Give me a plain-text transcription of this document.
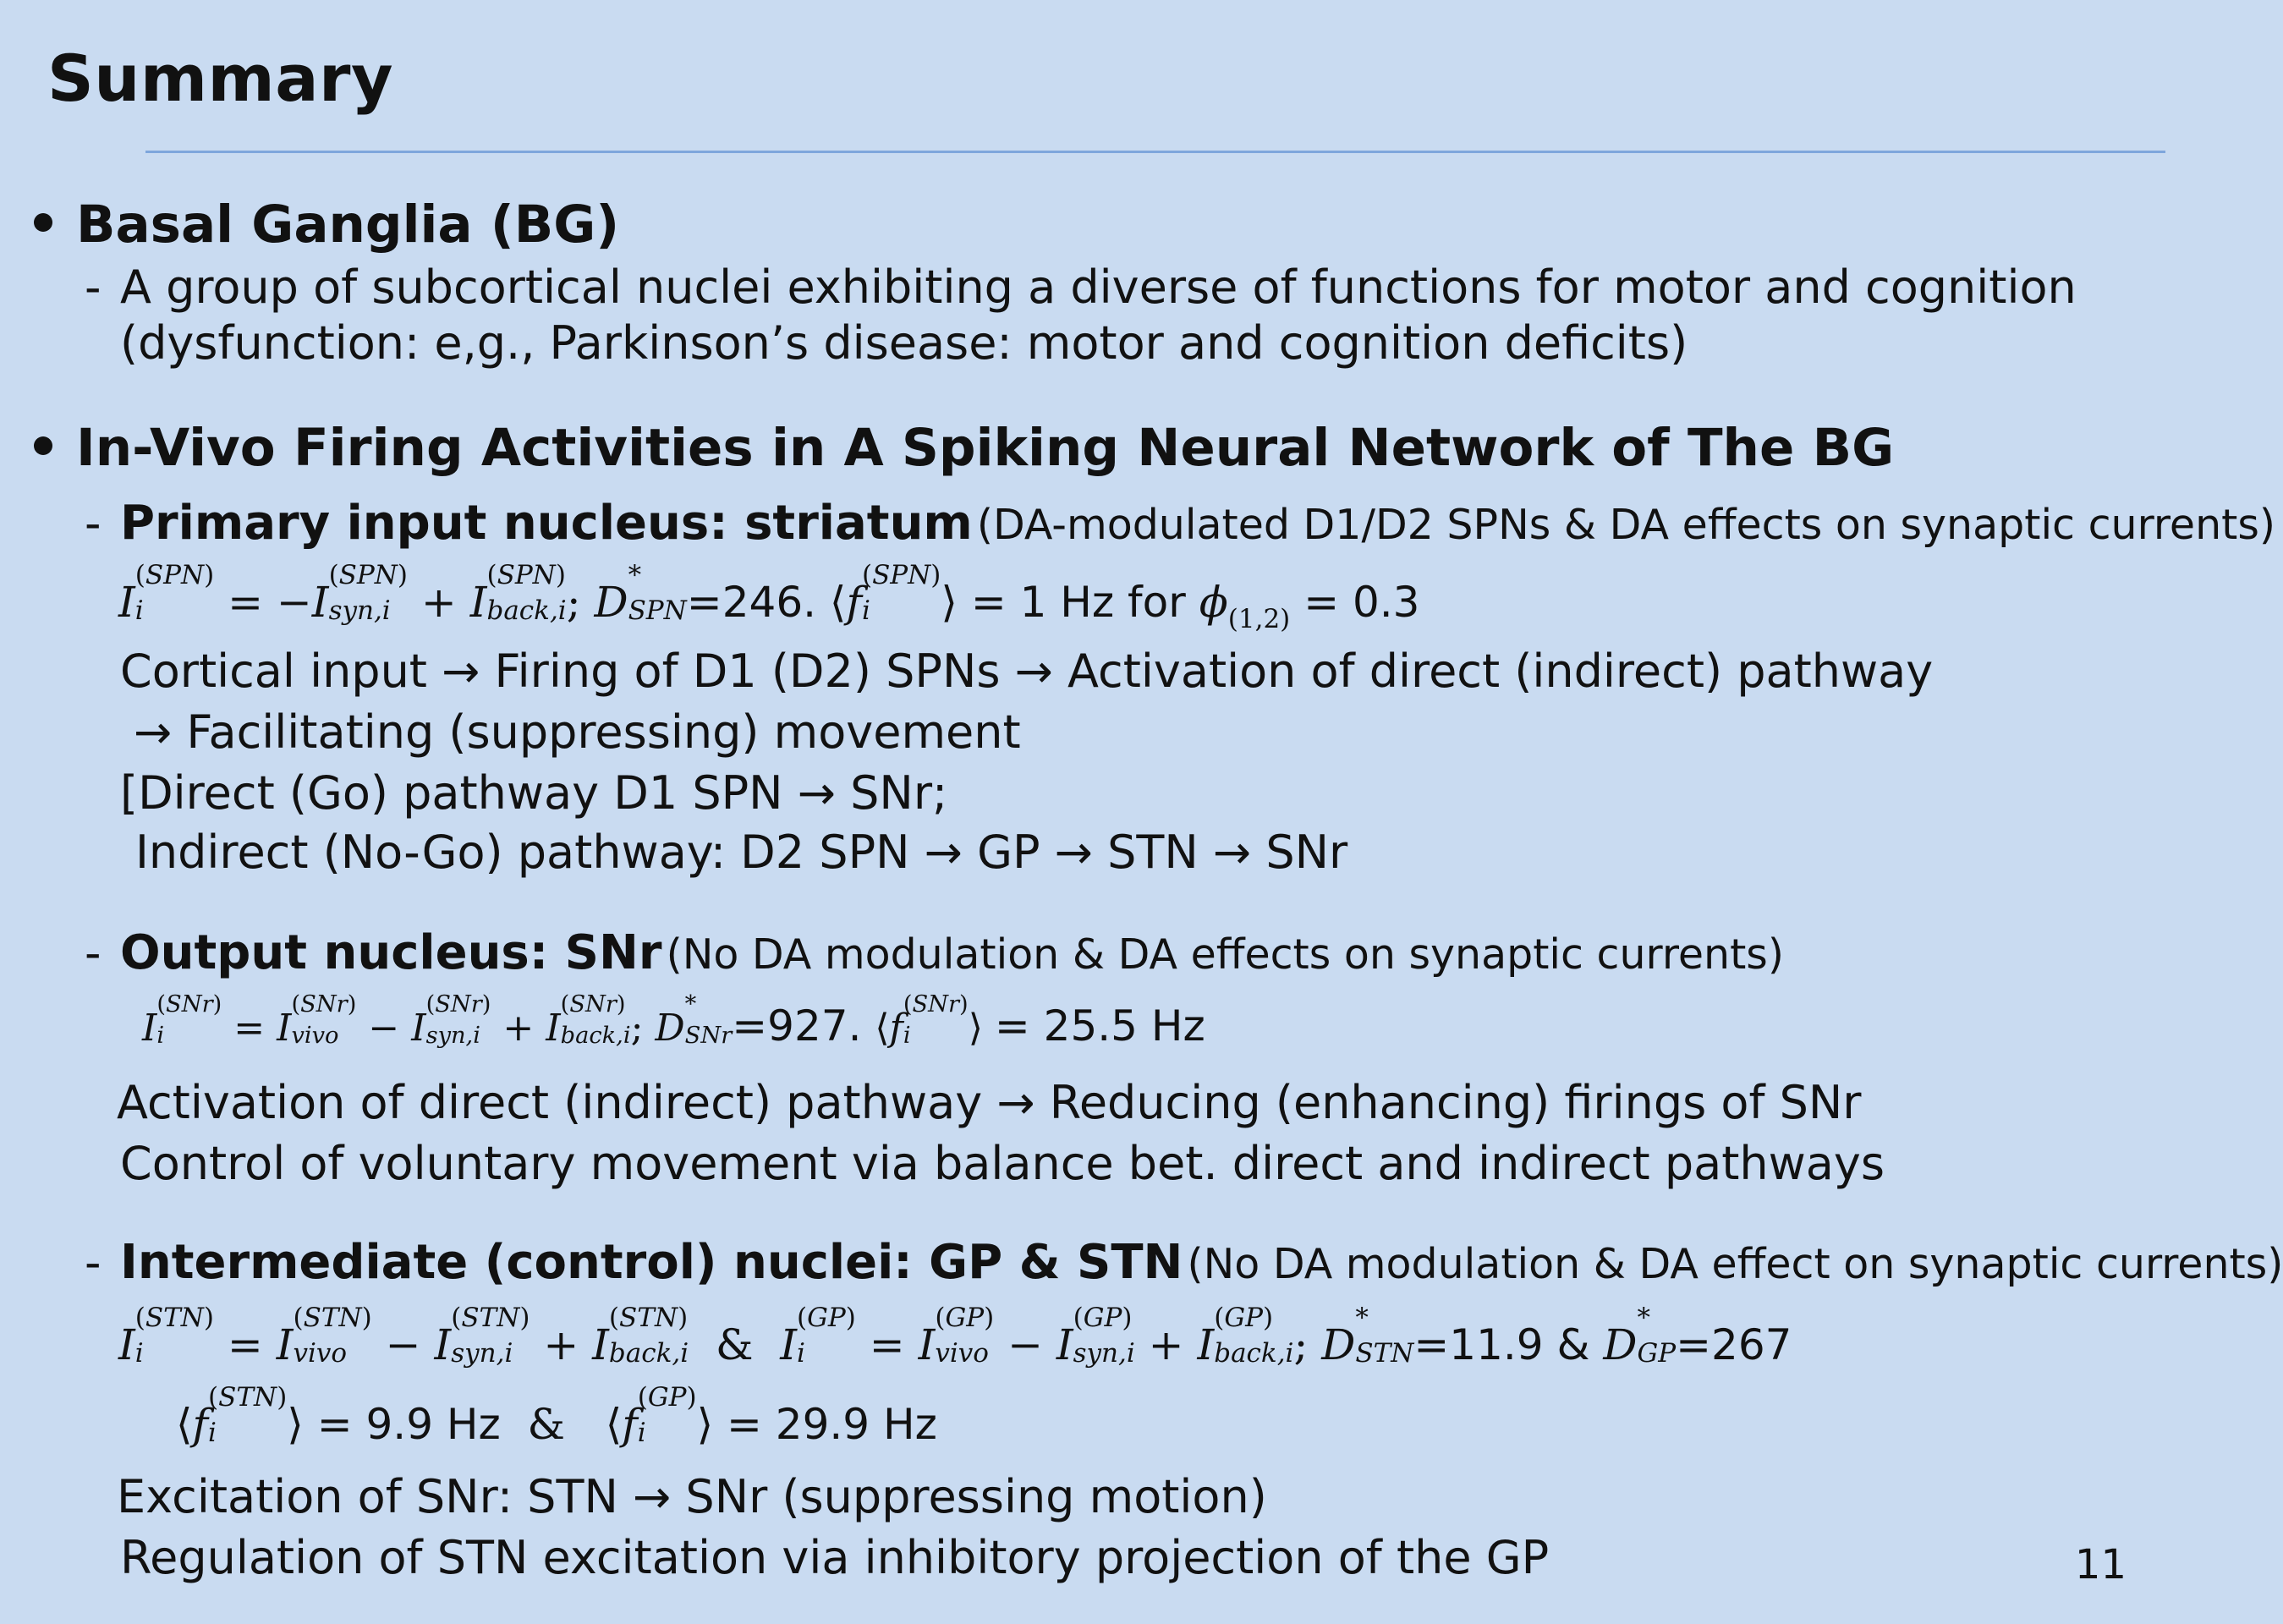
Summary
Basal Ganglia (BG)
- A group of subcortical nuclei exhibiting a diverse of functions for motor and cognition
(dysfunction: e,g., Parkinson’s disease: motor and cognition deficits)
In-Vivo Firing Activities in A Spiking Neural Network of The BG
- Primary input nucleus: striatum (DA-modulated D1/D2 SPNs & DA effects on synaptic currents)
I
(SPN)
i	= −I
(SPN)
syn,i + I
(SPN)
back,i ; D
*
SPN =246. ⟨f
(SPN)
i	⟩ = 1 Hz for ϕ(1,2) = 0.3
Cortical input → Firing of D1 (D2) SPNs → Activation of direct (indirect) pathway
→ Facilitating (suppressing) movement
[Direct (Go) pathway D1 SPN → SNr;
Indirect (No-Go) pathway: D2 SPN → GP → STN → SNr
- Output nucleus: SNr (No DA modulation & DA effects on synaptic currents)
I
(SNr)
i	= I
(SNr)
vivo − I
(SNr)
syn,i + I
(SNr)
back,i ; D
*
SNr =927. ⟨f
(SNr)
i	⟩ = 25.5 Hz
Activation of direct (indirect) pathway → Reducing (enhancing) firings of SNr
Control of voluntary movement via balance bet. direct and indirect pathways
- Intermediate (control) nuclei: GP & STN (No DA modulation & DA effect on synaptic currents)
I
(STN)
i	= I
(STN)
vivo − I
(STN)
syn,i + I
(STN)
back,i &  I
(GP)
i	= I
(GP)
vivo − I
(GP)
syn,i + I
(GP)
back,i ; D
*
STN =11.9 & D
*
GP =267
⟨f
(STN)
i	⟩ = 9.9 Hz  &   ⟨f
(GP)
i	⟩ = 29.9 Hz
Excitation of SNr: STN → SNr (suppressing motion)
Regulation of STN excitation via inhibitory projection of the GP	11
